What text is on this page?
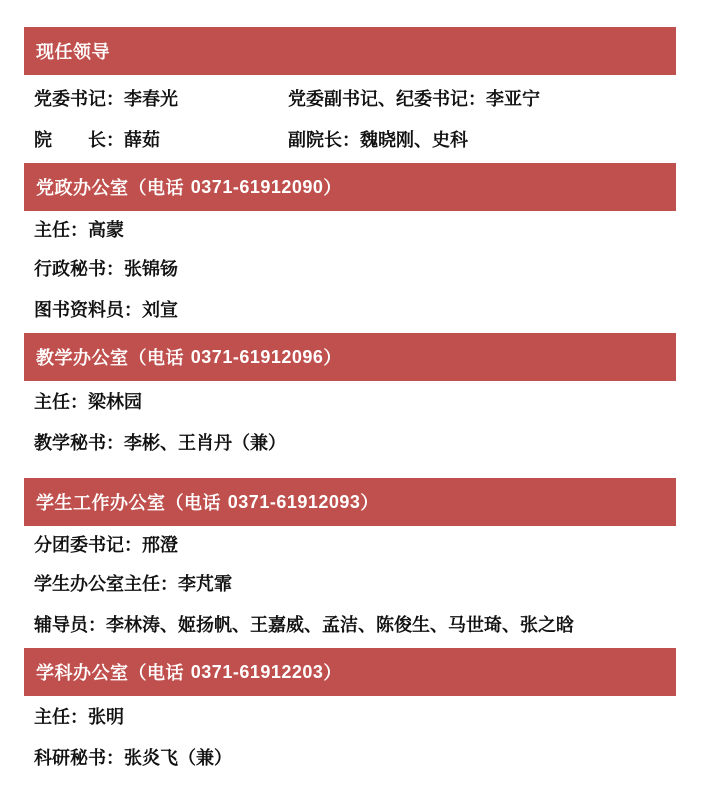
现任领导
党委书记：李春光	党委副书记、纪委书记：李亚宁
院　　长：薛茹	副院长：魏晓刚、史科
党政办公室（电话
0371-61912090 ）
主任：高蒙
行政秘书：张锦钖
图书资料员：刘宣
教学办公室（电话
0371-61912096 ）
主任：梁林园
教学秘书：李彬、王肖丹（兼）
学生工作办公室（电话
0371-61912093 ）
分团委书记：邢澄
学生办公室主任：李芃霏
辅导员：李林涛、姬扬帆、王嘉威、孟洁、陈俊生、马世琦、张之晗
学科办公室（电话
0371-61912203 ）
主任：张明
科研秘书：张炎飞（兼）
